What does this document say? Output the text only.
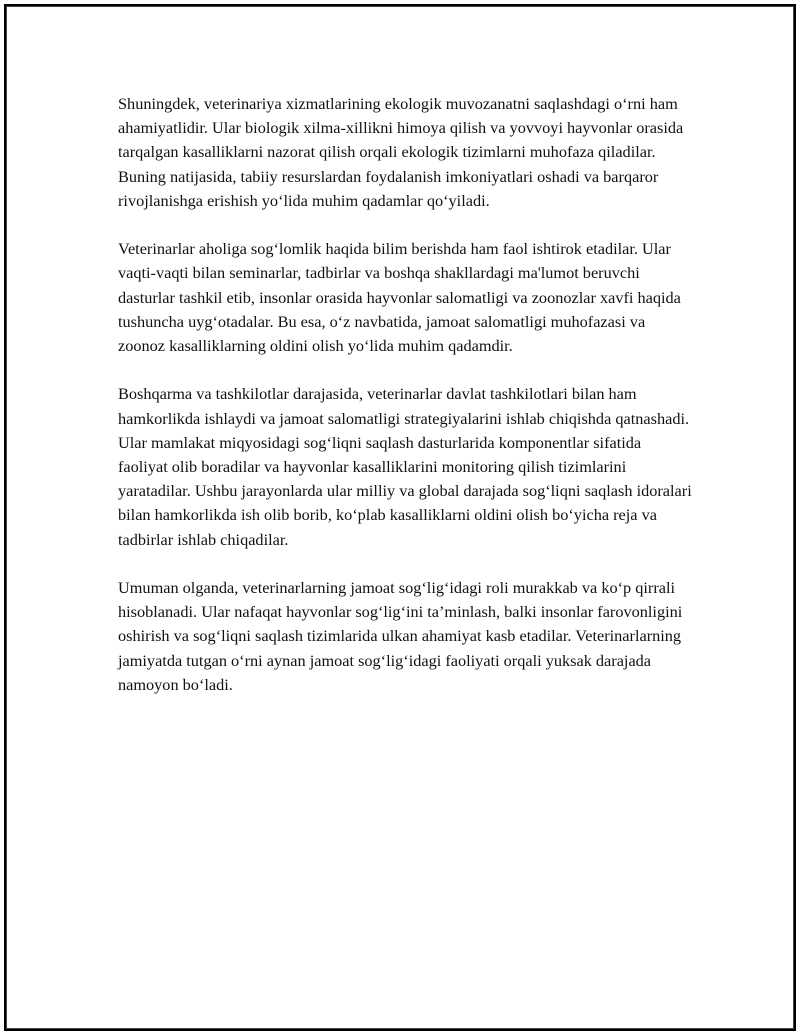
Shuningdek, veterinariya xizmatlarining ekologik muvozanatni saqlashdagi o‘rni ham ahamiyatlidir. Ular biologik xilma-xillikni himoya qilish va yovvoyi hayvonlar orasida tarqalgan kasalliklarni nazorat qilish orqali ekologik tizimlarni muhofaza qiladilar. Buning natijasida, tabiiy resurslardan foydalanish imkoniyatlari oshadi va barqaror rivojlanishga erishish yo‘lida muhim qadamlar qo‘yiladi.

Veterinarlar aholiga sog‘lomlik haqida bilim berishda ham faol ishtirok etadilar. Ular vaqti-vaqti bilan seminarlar, tadbirlar va boshqa shakllardagi ma'lumot beruvchi dasturlar tashkil etib, insonlar orasida hayvonlar salomatligi va zoonozlar xavfi haqida tushuncha uyg‘otadalar. Bu esa, o‘z navbatida, jamoat salomatligi muhofazasi va zoonoz kasalliklarning oldini olish yo‘lida muhim qadamdir.

Boshqarma va tashkilotlar darajasida, veterinarlar davlat tashkilotlari bilan ham hamkorlikda ishlaydi va jamoat salomatligi strategiyalarini ishlab chiqishda qatnashadi. Ular mamlakat miqyosidagi sog‘liqni saqlash dasturlarida komponentlar sifatida faoliyat olib boradilar va hayvonlar kasalliklarini monitoring qilish tizimlarini yaratadilar. Ushbu jarayonlarda ular milliy va global darajada sog‘liqni saqlash idoralari bilan hamkorlikda ish olib borib, ko‘plab kasalliklarni oldini olish bo‘yicha reja va tadbirlar ishlab chiqadilar.

Umuman olganda, veterinarlarning jamoat sog‘lig‘idagi roli murakkab va ko‘p qirrali hisoblanadi. Ular nafaqat hayvonlar sog‘lig‘ini ta’minlash, balki insonlar farovonligini oshirish va sog‘liqni saqlash tizimlarida ulkan ahamiyat kasb etadilar. Veterinarlarning jamiyatda tutgan o‘rni aynan jamoat sog‘lig‘idagi faoliyati orqali yuksak darajada namoyon bo‘ladi.
